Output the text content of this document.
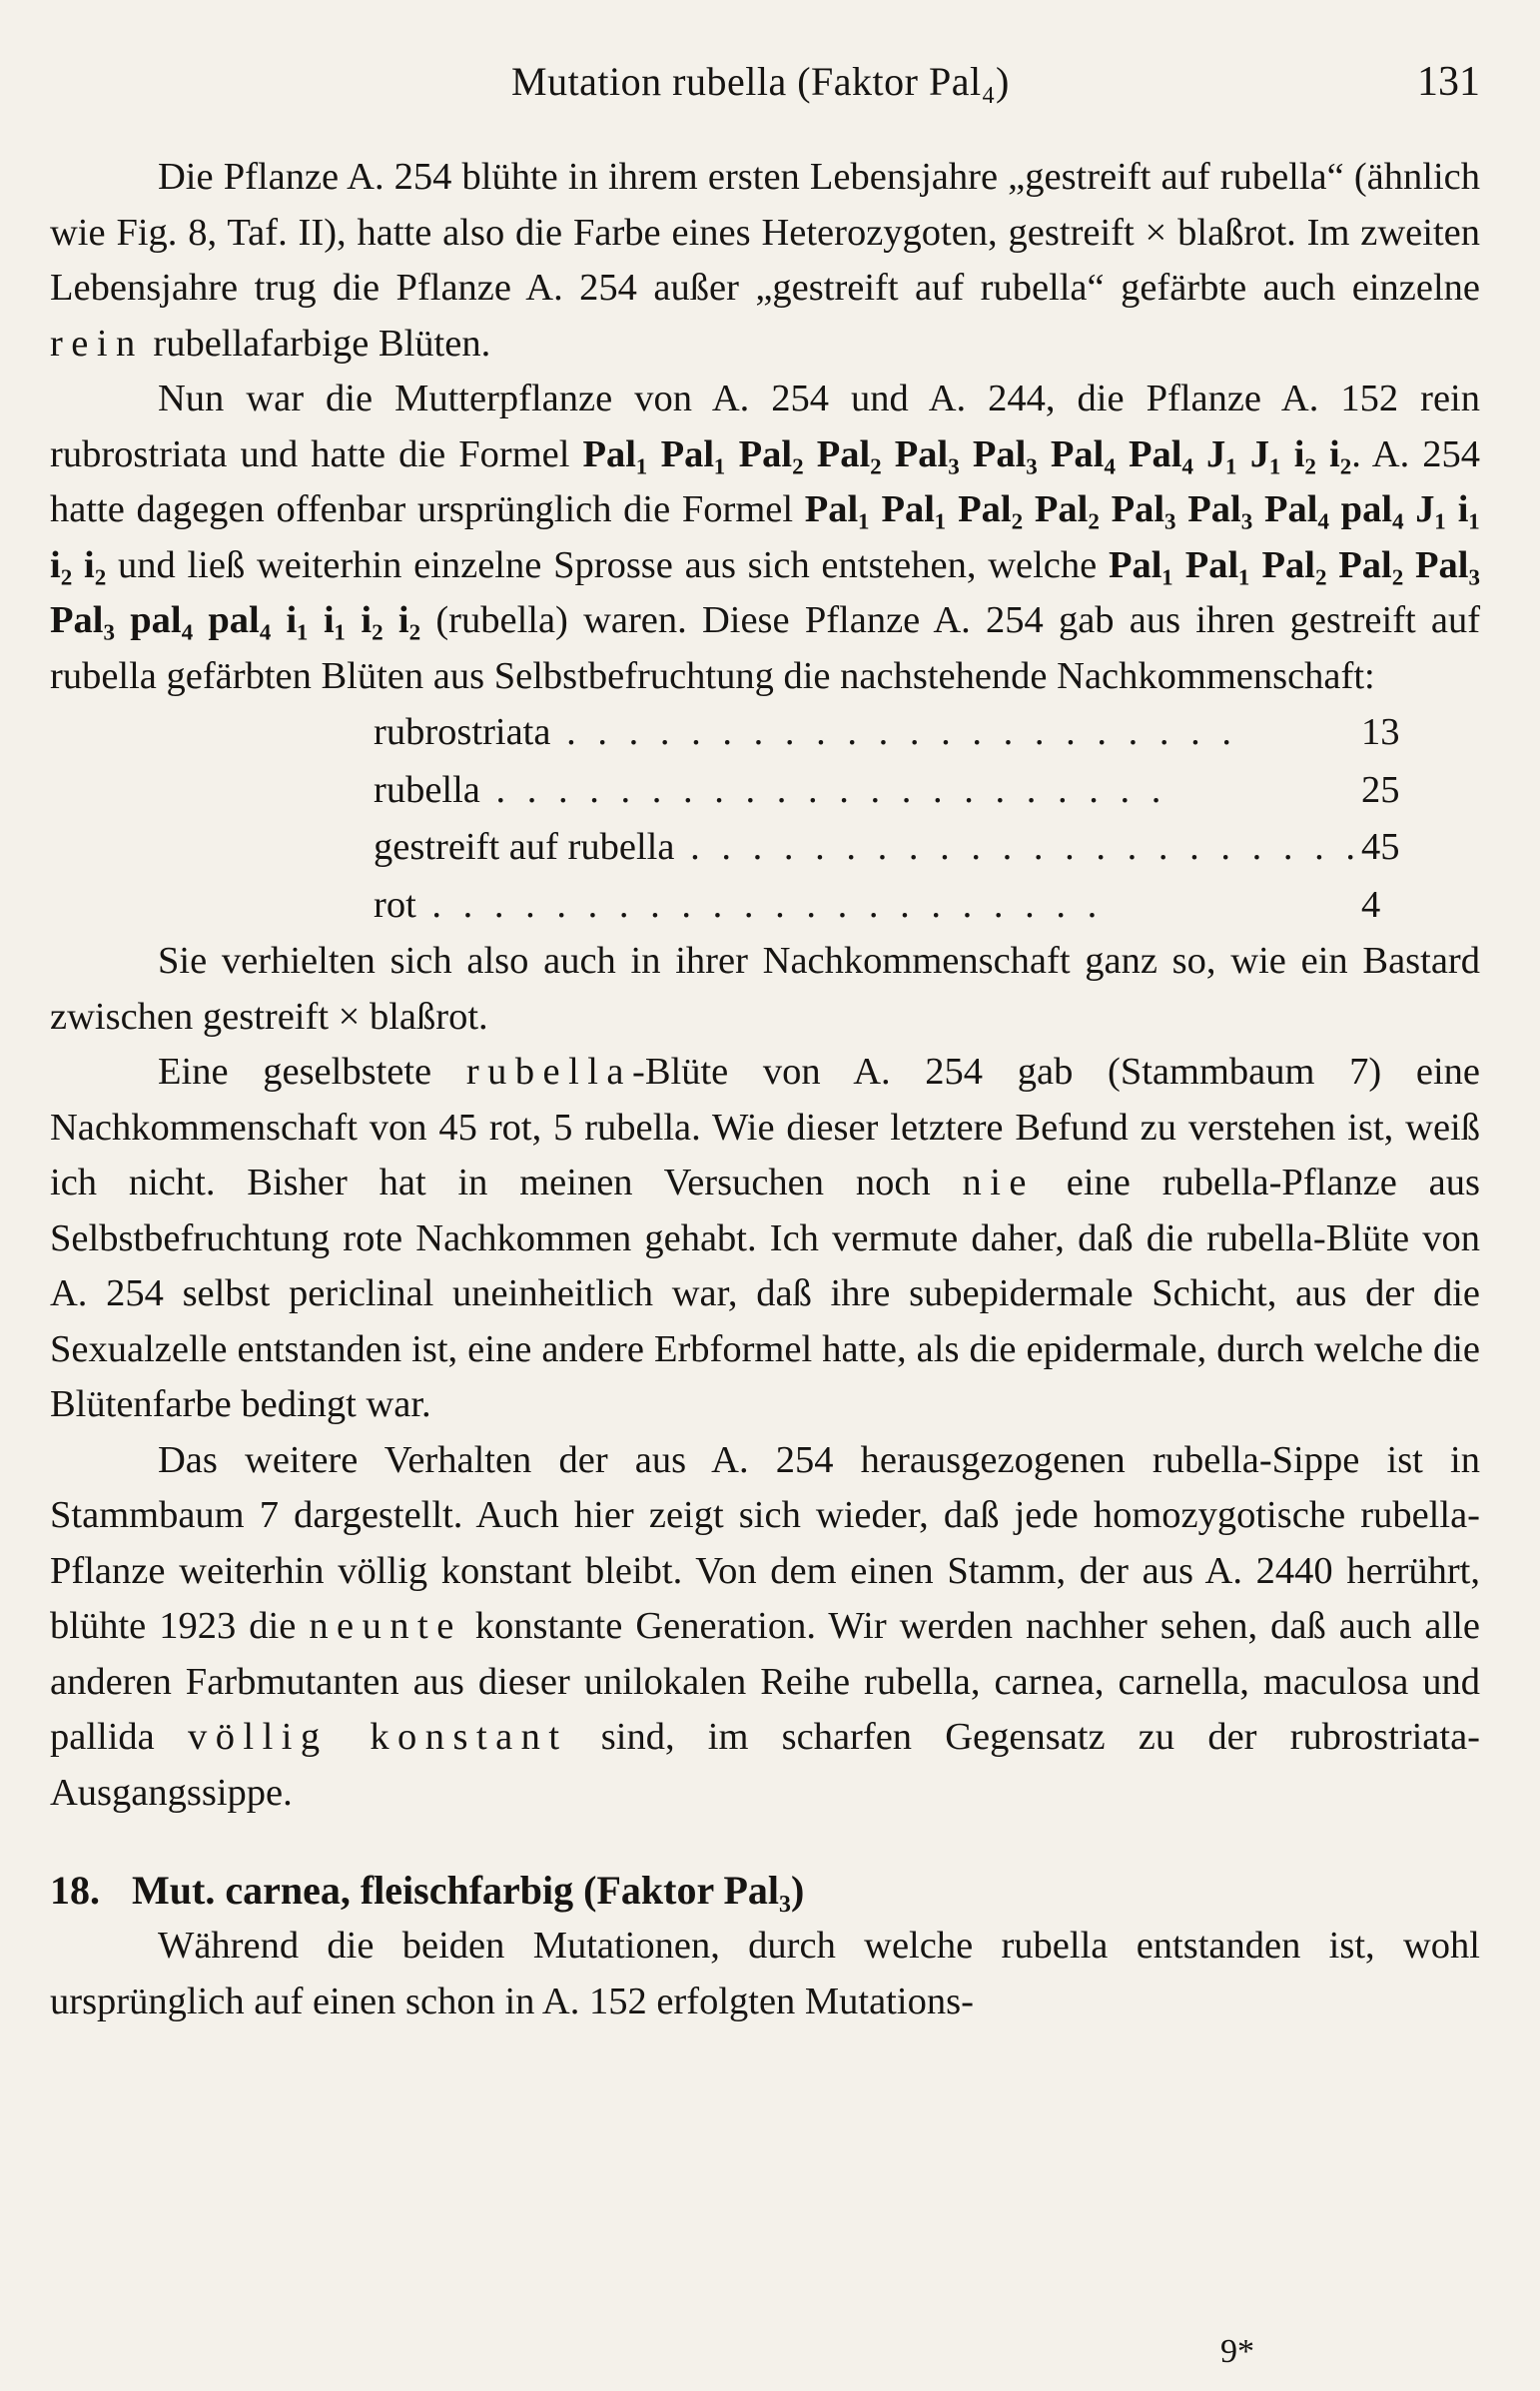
Mutation rubella (Faktor Pal₄)	131

Die Pflanze A. 254 blühte in ihrem ersten Lebensjahre „gestreift auf rubella“ (ähnlich wie Fig. 8, Taf. II), hatte also die Farbe eines Heterozygoten, gestreift × blaßrot. Im zweiten Lebensjahre trug die Pflanze A. 254 außer „gestreift auf rubella“ gefärbte auch einzelne rein rubellafarbige Blüten.

Nun war die Mutterpflanze von A. 254 und A. 244, die Pflanze A. 152 rein rubrostriata und hatte die Formel Pal₁ Pal₁ Pal₂ Pal₂ Pal₃ Pal₃ Pal₄ Pal₄ J₁ J₁ i₂ i₂. A. 254 hatte dagegen offenbar ursprünglich die Formel Pal₁ Pal₁ Pal₂ Pal₂ Pal₃ Pal₃ Pal₄ pal₄ J₁ i₁ i₂ i₂ und ließ weiterhin einzelne Sprosse aus sich entstehen, welche Pal₁ Pal₁ Pal₂ Pal₂ Pal₃ Pal₃ pal₄ pal₄ i₁ i₁ i₂ i₂ (rubella) waren. Diese Pflanze A. 254 gab aus ihren gestreift auf rubella gefärbten Blüten aus Selbstbefruchtung die nachstehende Nachkommenschaft:

rubrostriata . . .	13
rubella . . .	25
gestreift auf rubella . . .	45
rot . . .	4

Sie verhielten sich also auch in ihrer Nachkommenschaft ganz so, wie ein Bastard zwischen gestreift × blaßrot.

Eine geselbstete rubella-Blüte von A. 254 gab (Stammbaum 7) eine Nachkommenschaft von 45 rot, 5 rubella. Wie dieser letztere Befund zu verstehen ist, weiß ich nicht. Bisher hat in meinen Versuchen noch nie eine rubella-Pflanze aus Selbstbefruchtung rote Nachkommen gehabt. Ich vermute daher, daß die rubella-Blüte von A. 254 selbst periclinal uneinheitlich war, daß ihre subepidermale Schicht, aus der die Sexualzelle entstanden ist, eine andere Erbformel hatte, als die epidermale, durch welche die Blütenfarbe bedingt war.

Das weitere Verhalten der aus A. 254 herausgezogenen rubella-Sippe ist in Stammbaum 7 dargestellt. Auch hier zeigt sich wieder, daß jede homozygotische rubella-Pflanze weiterhin völlig konstant bleibt. Von dem einen Stamm, der aus A. 2440 herrührt, blühte 1923 die neunte konstante Generation. Wir werden nachher sehen, daß auch alle anderen Farbmutanten aus dieser unilokalen Reihe rubella, carnea, carnella, maculosa und pallida völlig konstant sind, im scharfen Gegensatz zu der rubrostriata-Ausgangssippe.

18. Mut. carnea, fleischfarbig (Faktor Pal₃)

Während die beiden Mutationen, durch welche rubella entstanden ist, wohl ursprünglich auf einen schon in A. 152 erfolgten Mutations-

9*
